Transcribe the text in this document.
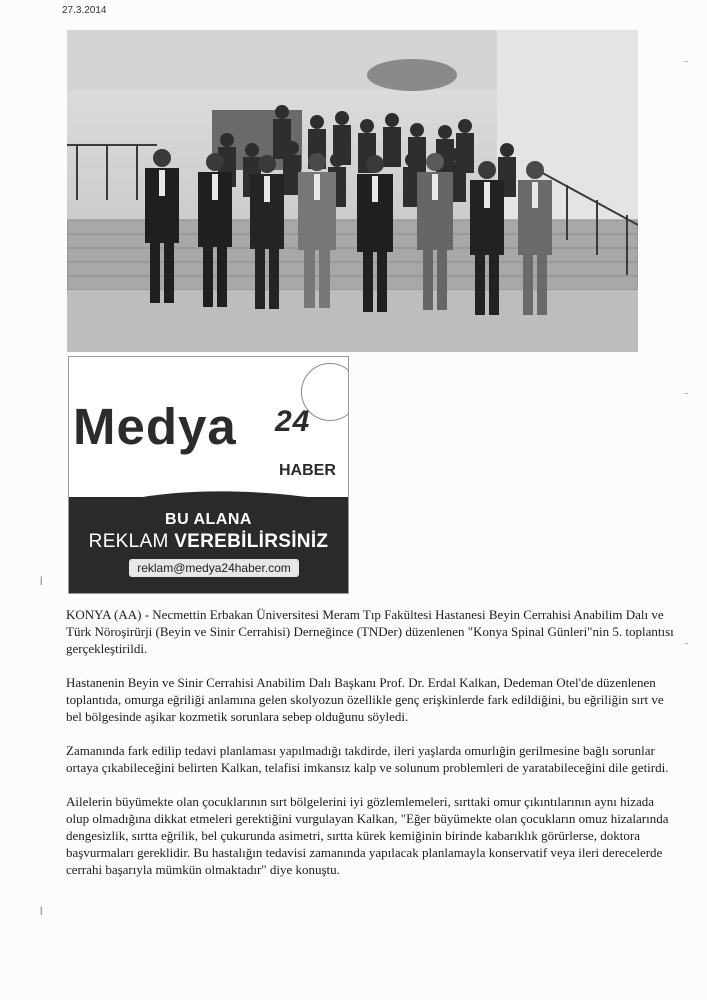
27.3.2014
Medya 24
HABER
BU ALANA
REKLAM VEREBİLİRSİNİZ
reklam@medya24haber.com

KONYA (AA) - Necmettin Erbakan Üniversitesi Meram Tıp Fakültesi Hastanesi Beyin Cerrahisi Anabilim Dalı ve Türk Nöroşirürji (Beyin ve Sinir Cerrahisi) Derneğince (TNDer) düzenlenen "Konya Spinal Günleri"nin 5. toplantısı gerçekleştirildi.

Hastanenin Beyin ve Sinir Cerrahisi Anabilim Dalı Başkanı Prof. Dr. Erdal Kalkan, Dedeman Otel'de düzenlenen toplantıda, omurga eğriliği anlamına gelen skolyozun özellikle genç erişkinlerde fark edildiğini, bu eğriliğin sırt ve bel bölgesinde aşikar kozmetik sorunlara sebep olduğunu söyledi.

Zamanında fark edilip tedavi planlaması yapılmadığı takdirde, ileri yaşlarda omurlığin gerilmesine bağlı sorunlar ortaya çıkabileceğini belirten Kalkan, telafisi imkansız kalp ve solunum problemleri de yaratabileceğini dile getirdi.

Ailelerin büyümekte olan çocuklarının sırt bölgelerini iyi gözlemlemeleri, sırttaki omur çıkıntılarının aynı hizada olup olmadığına dikkat etmeleri gerektiğini vurgulayan Kalkan, "Eğer büyümekte olan çocukların omuz hizalarında dengesizlik, sırtta eğrilik, bel çukurunda asimetri, sırtta kürek kemiğinin birinde kabarıklık görürlerse, doktora başvurmaları gereklidir. Bu hastalığın tedavisi zamanında yapılacak planlamayla konservatif veya ileri derecelerde cerrahi başarıyla mümkün olmaktadır" diye konuştu.

⁻
⁻
⁻
|
|
